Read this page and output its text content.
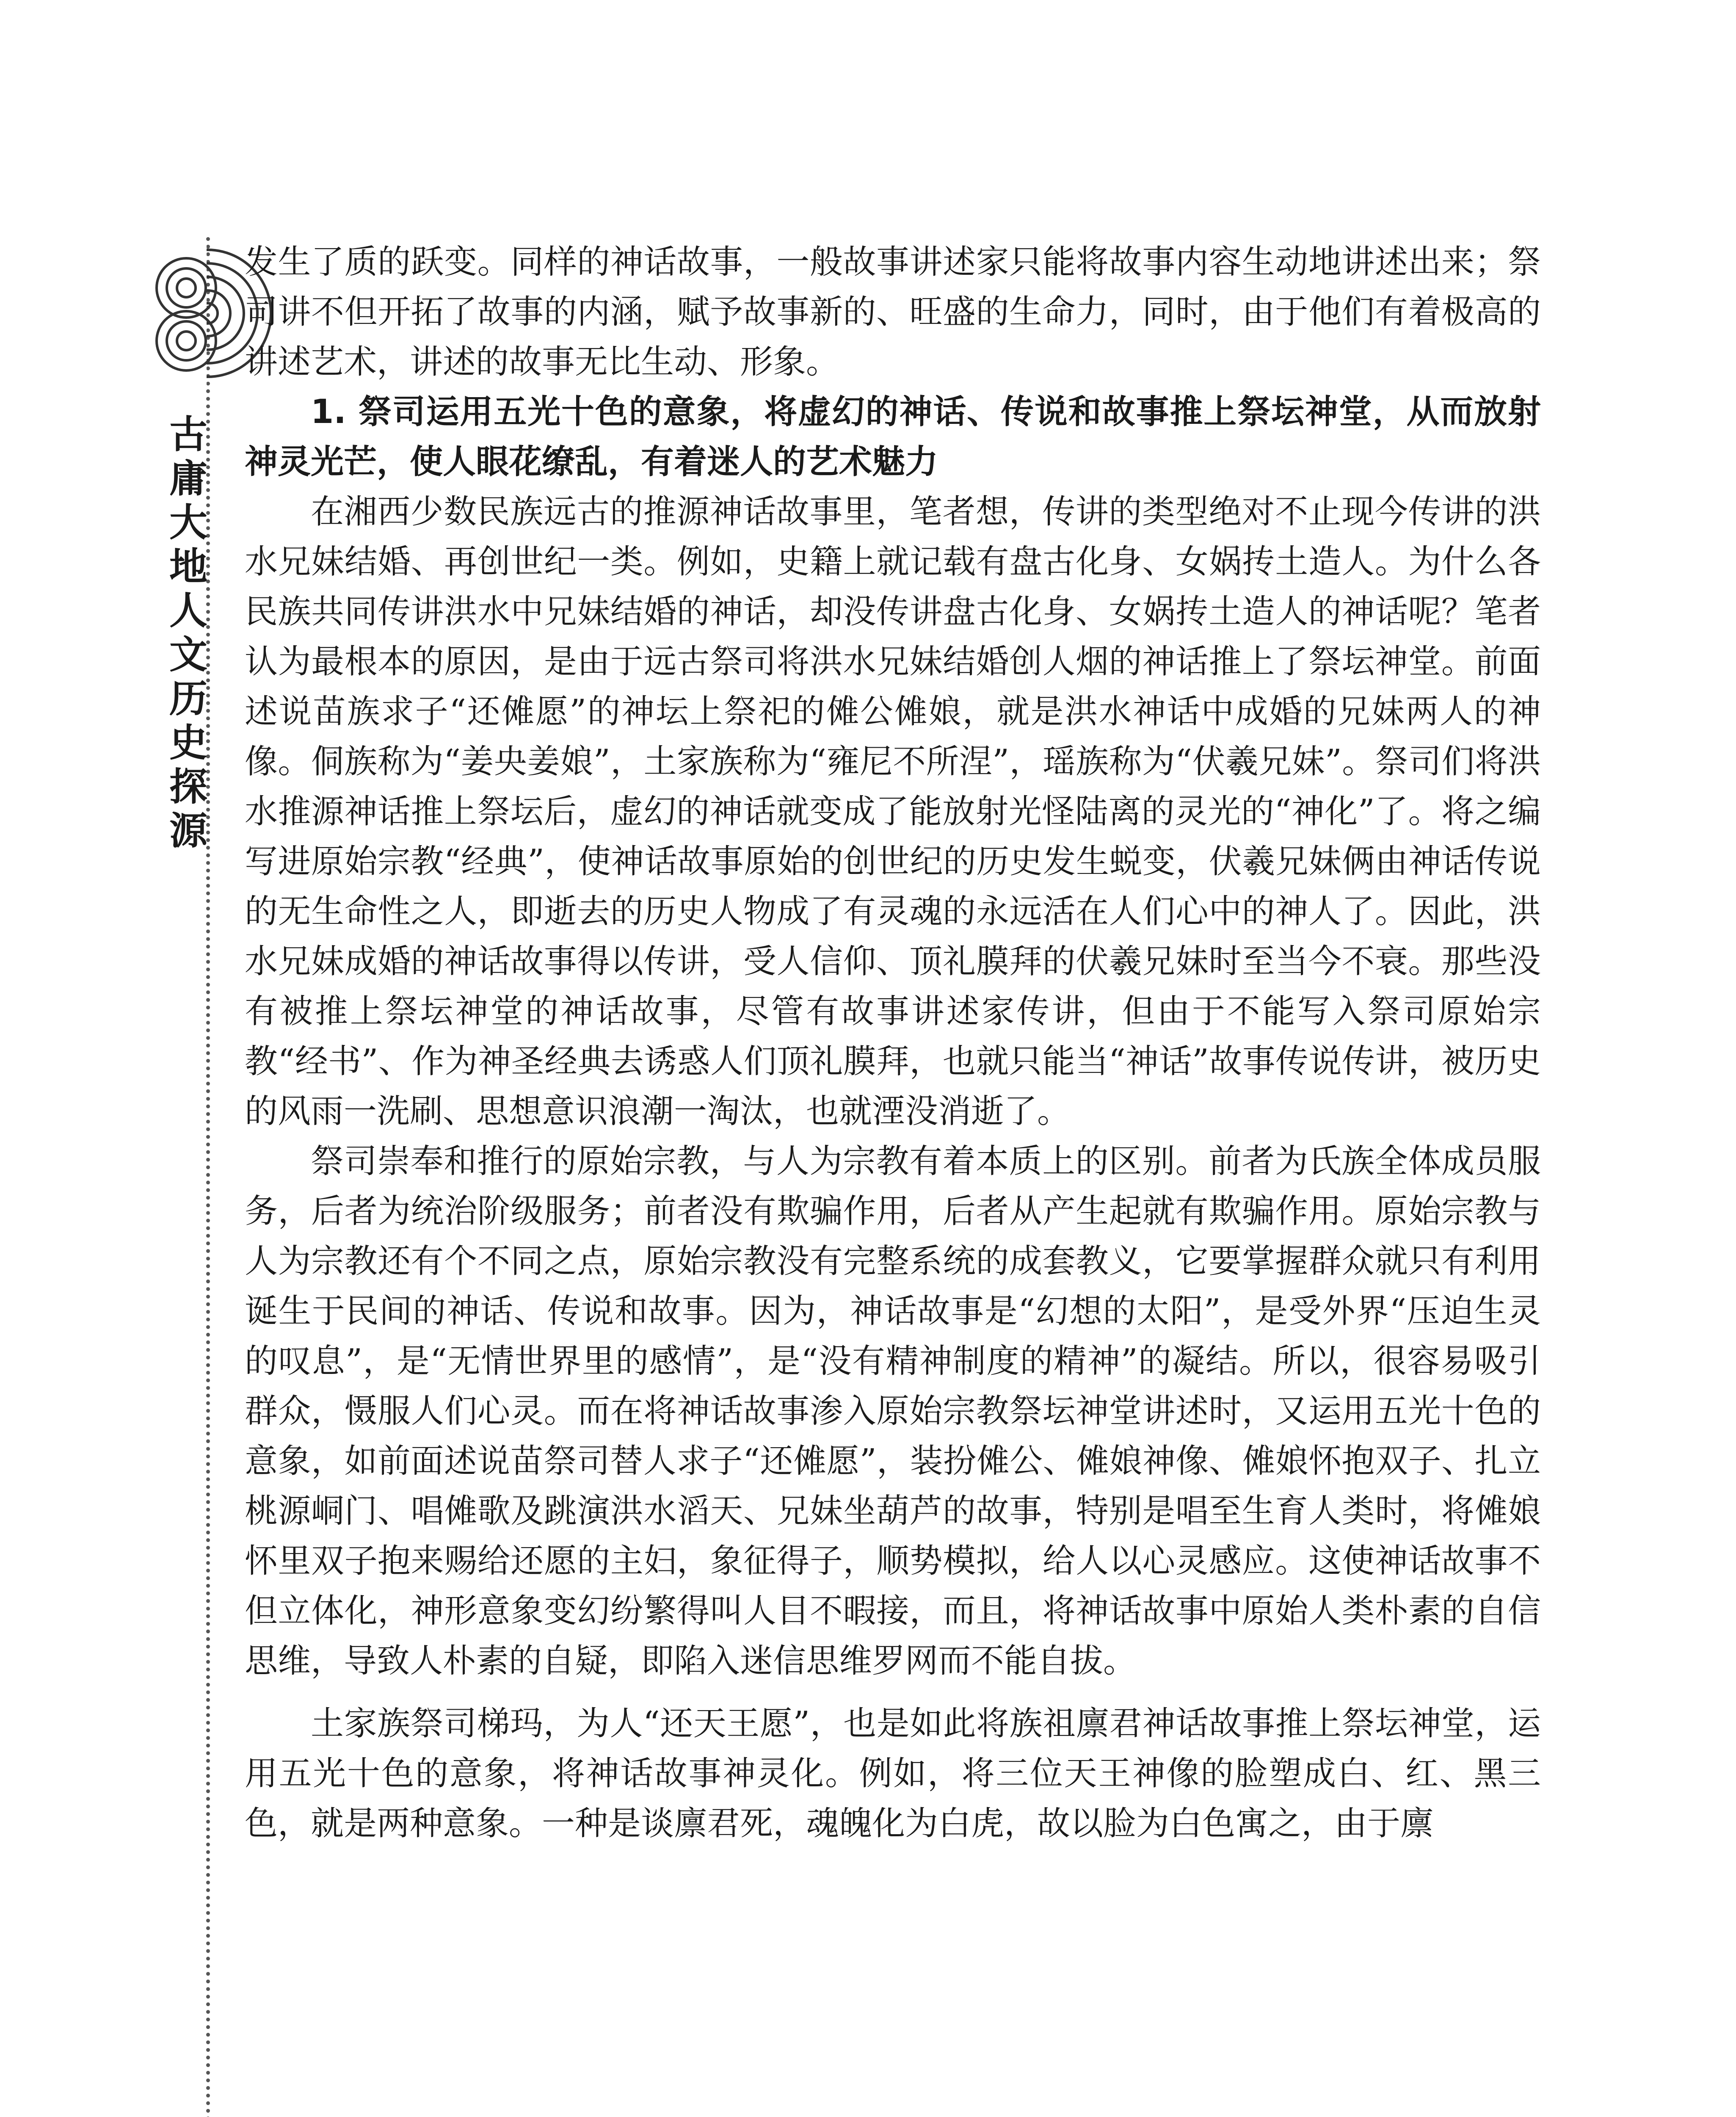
古
庸
大
地
人
文
历
史
探
源

发生了质的跃变。同样的神话故事，一般故事讲述家只能将故事内容生动地讲述出来；祭司讲不但开拓了故事的内涵，赋予故事新的、旺盛的生命力，同时，由于他们有着极高的讲述艺术，讲述的故事无比生动、形象。

1. 祭司运用五光十色的意象，将虚幻的神话、传说和故事推上祭坛神堂，从而放射神灵光芒，使人眼花缭乱，有着迷人的艺术魅力

在湘西少数民族远古的推源神话故事里，笔者想，传讲的类型绝对不止现今传讲的洪水兄妹结婚、再创世纪一类。例如，史籍上就记载有盘古化身、女娲抟土造人。为什么各民族共同传讲洪水中兄妹结婚的神话，却没传讲盘古化身、女娲抟土造人的神话呢？笔者认为最根本的原因，是由于远古祭司将洪水兄妹结婚创人烟的神话推上了祭坛神堂。前面述说苗族求子“还傩愿”的神坛上祭祀的傩公傩娘，就是洪水神话中成婚的兄妹两人的神像。侗族称为“姜央姜娘”，土家族称为“雍尼不所涅”，瑶族称为“伏羲兄妹”。祭司们将洪水推源神话推上祭坛后，虚幻的神话就变成了能放射光怪陆离的灵光的“神化”了。将之编写进原始宗教“经典”，使神话故事原始的创世纪的历史发生蜕变，伏羲兄妹俩由神话传说的无生命性之人，即逝去的历史人物成了有灵魂的永远活在人们心中的神人了。因此，洪水兄妹成婚的神话故事得以传讲，受人信仰、顶礼膜拜的伏羲兄妹时至当今不衰。那些没有被推上祭坛神堂的神话故事，尽管有故事讲述家传讲，但由于不能写入祭司原始宗教“经书”、作为神圣经典去诱惑人们顶礼膜拜，也就只能当“神话”故事传说传讲，被历史的风雨一洗刷、思想意识浪潮一淘汰，也就湮没消逝了。

祭司崇奉和推行的原始宗教，与人为宗教有着本质上的区别。前者为氏族全体成员服务，后者为统治阶级服务；前者没有欺骗作用，后者从产生起就有欺骗作用。原始宗教与人为宗教还有个不同之点，原始宗教没有完整系统的成套教义，它要掌握群众就只有利用诞生于民间的神话、传说和故事。因为，神话故事是“幻想的太阳”，是受外界“压迫生灵的叹息”，是“无情世界里的感情”，是“没有精神制度的精神”的凝结。所以，很容易吸引群众，慑服人们心灵。而在将神话故事渗入原始宗教祭坛神堂讲述时，又运用五光十色的意象，如前面述说苗祭司替人求子“还傩愿”，装扮傩公、傩娘神像、傩娘怀抱双子、扎立桃源峒门、唱傩歌及跳演洪水滔天、兄妹坐葫芦的故事，特别是唱至生育人类时，将傩娘怀里双子抱来赐给还愿的主妇，象征得子，顺势模拟，给人以心灵感应。这使神话故事不但立体化，神形意象变幻纷繁得叫人目不暇接，而且，将神话故事中原始人类朴素的自信思维，导致人朴素的自疑，即陷入迷信思维罗网而不能自拔。

土家族祭司梯玛，为人“还天王愿”，也是如此将族祖廪君神话故事推上祭坛神堂，运用五光十色的意象，将神话故事神灵化。例如，将三位天王神像的脸塑成白、红、黑三色，就是两种意象。一种是谈廪君死，魂魄化为白虎，故以脸为白色寓之，由于廪
